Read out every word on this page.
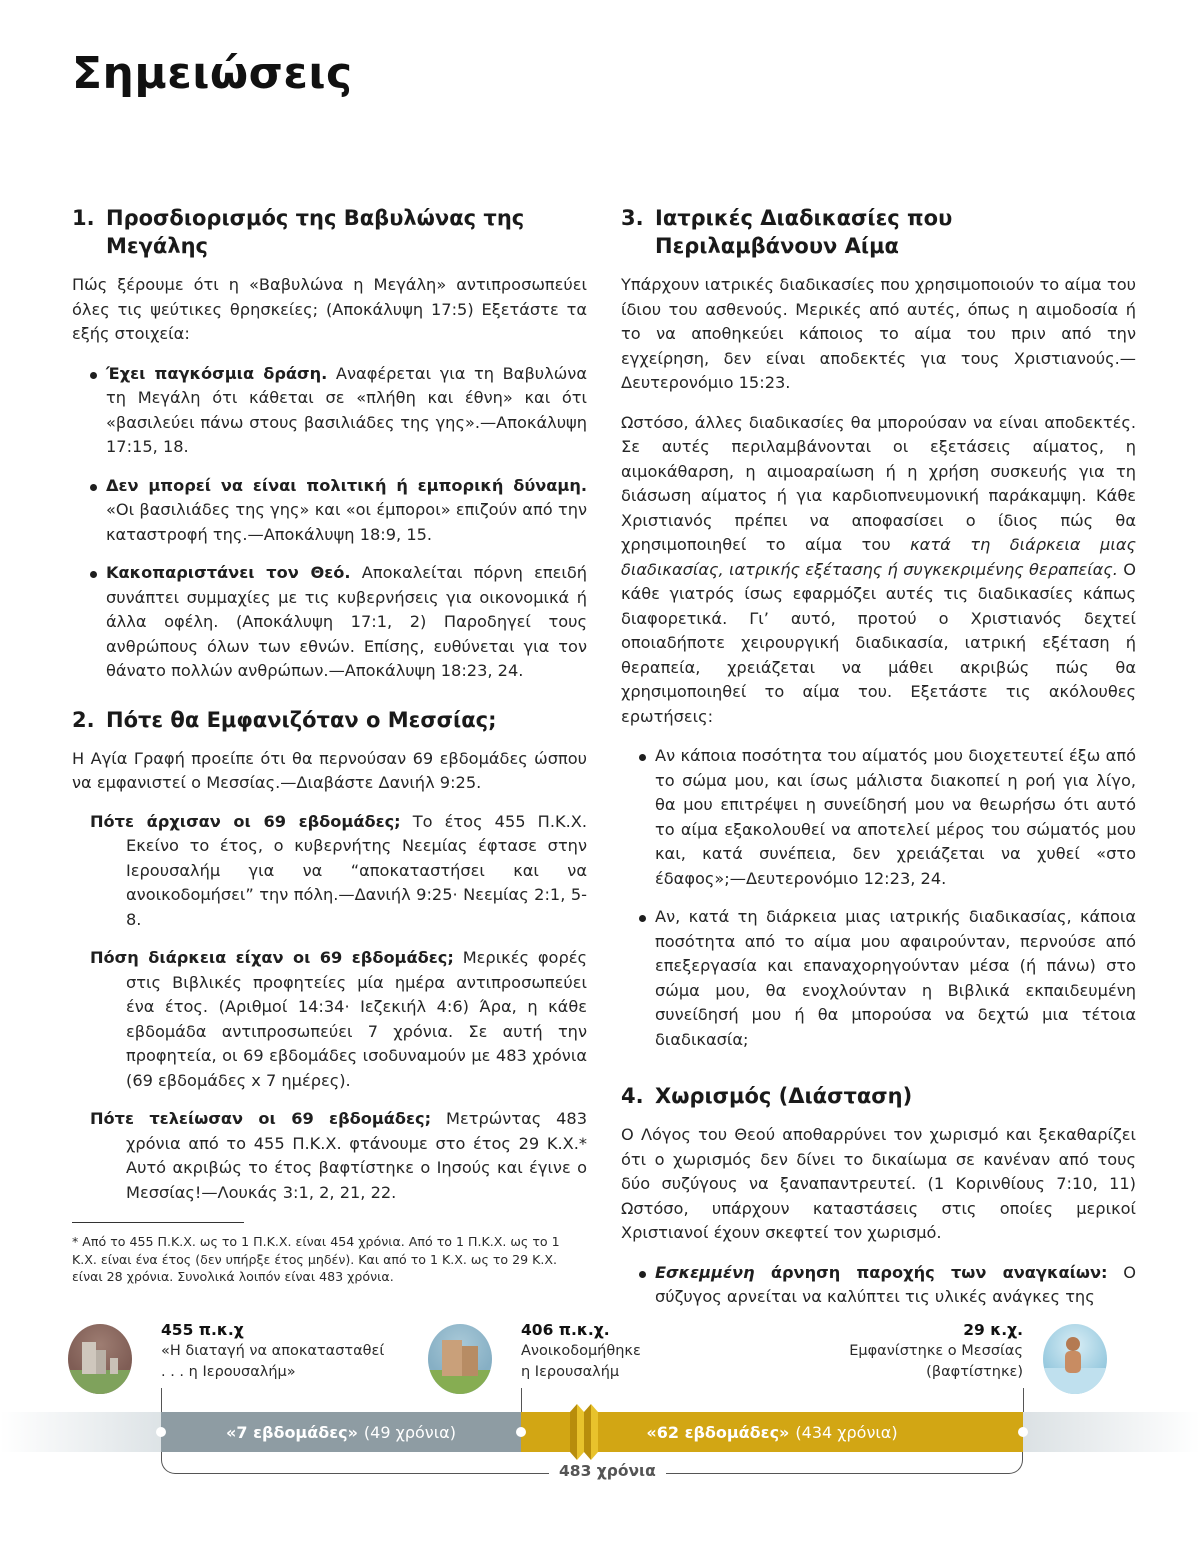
Σημειώσεις
1. Προσδιορισμός της Βαβυλώνας της Μεγάλης

Πώς ξέρουμε ότι η «Βαβυλώνα η Μεγάλη» αντιπροσωπεύει όλες τις ψεύτικες θρησκείες; (Αποκάλυψη 17:5) Εξετάστε τα εξής στοιχεία:

Έχει παγκόσμια δράση. Αναφέρεται για τη Βαβυλώνα τη Μεγάλη ότι κάθεται σε «πλήθη και έθνη» και ότι «βασιλεύει πάνω στους βασιλιάδες της γης».—Αποκάλυψη 17:15, 18.
Δεν μπορεί να είναι πολιτική ή εμπορική δύναμη. «Οι βασιλιάδες της γης» και «οι έμποροι» επιζούν από την καταστροφή της.—Αποκάλυψη 18:9, 15.
Κακοπαριστάνει τον Θεό. Αποκαλείται πόρνη επειδή συνάπτει συμμαχίες με τις κυβερνήσεις για οικονομικά ή άλλα οφέλη. (Αποκάλυψη 17:1, 2) Παροδηγεί τους ανθρώπους όλων των εθνών. Επίσης, ευθύνεται για τον θάνατο πολλών ανθρώπων.—Αποκάλυψη 18:23, 24.
2. Πότε θα Εμφανιζόταν ο Μεσσίας;

Η Αγία Γραφή προείπε ότι θα περνούσαν 69 εβδομάδες ώσπου να εμφανιστεί ο Μεσσίας.—Διαβάστε Δανιήλ 9:25.

Πότε άρχισαν οι 69 εβδομάδες; Το έτος 455 Π.Κ.Χ. Εκείνο το έτος, ο κυβερνήτης Νεεμίας έφτασε στην Ιερουσαλήμ για να “αποκαταστήσει και να ανοικοδομήσει” την πόλη.—Δανιήλ 9:25· Νεεμίας 2:1, 5-8.
Πόση διάρκεια είχαν οι 69 εβδομάδες; Μερικές φορές στις Βιβλικές προφητείες μία ημέρα αντιπροσωπεύει ένα έτος. (Αριθμοί 14:34· Ιεζεκιήλ 4:6) Άρα, η κάθε εβδομάδα αντιπροσωπεύει 7 χρόνια. Σε αυτή την προφητεία, οι 69 εβδομάδες ισοδυναμούν με 483 χρόνια (69 εβδομάδες x 7 ημέρες).
Πότε τελείωσαν οι 69 εβδομάδες; Μετρώντας 483 χρόνια από το 455 Π.Κ.Χ. φτάνουμε στο έτος 29 Κ.Χ.* Αυτό ακριβώς το έτος βαφτίστηκε ο Ιησούς και έγινε ο Μεσσίας!—Λουκάς 3:1, 2, 21, 22.

* Από το 455 Π.Κ.Χ. ως το 1 Π.Κ.Χ. είναι 454 χρόνια. Από το 1 Π.Κ.Χ. ως το 1 Κ.Χ. είναι ένα έτος (δεν υπήρξε έτος μηδέν). Και από το 1 Κ.Χ. ως το 29 Κ.Χ. είναι 28 χρόνια. Συνολικά λοιπόν είναι 483 χρόνια.

3. Ιατρικές Διαδικασίες που Περιλαμβάνουν Αίμα

Υπάρχουν ιατρικές διαδικασίες που χρησιμοποιούν το αίμα του ίδιου του ασθενούς. Μερικές από αυτές, όπως η αιμοδοσία ή το να αποθηκεύει κάποιος το αίμα του πριν από την εγχείρηση, δεν είναι αποδεκτές για τους Χριστιανούς.—Δευτερονόμιο 15:23.

Ωστόσο, άλλες διαδικασίες θα μπορούσαν να είναι αποδεκτές. Σε αυτές περιλαμβάνονται οι εξετάσεις αίματος, η αιμοκάθαρση, η αιμοαραίωση ή η χρήση συσκευής για τη διάσωση αίματος ή για καρδιοπνευμονική παράκαμψη. Κάθε Χριστιανός πρέπει να αποφασίσει ο ίδιος πώς θα χρησιμοποιηθεί το αίμα του κατά τη διάρκεια μιας διαδικασίας, ιατρικής εξέτασης ή συγκεκριμένης θεραπείας. Ο κάθε γιατρός ίσως εφαρμόζει αυτές τις διαδικασίες κάπως διαφορετικά. Γι’ αυτό, προτού ο Χριστιανός δεχτεί οποιαδήποτε χειρουργική διαδικασία, ιατρική εξέταση ή θεραπεία, χρειάζεται να μάθει ακριβώς πώς θα χρησιμοποιηθεί το αίμα του. Εξετάστε τις ακόλουθες ερωτήσεις:

Αν κάποια ποσότητα του αίματός μου διοχετευτεί έξω από το σώμα μου, και ίσως μάλιστα διακοπεί η ροή για λίγο, θα μου επιτρέψει η συνείδησή μου να θεωρήσω ότι αυτό το αίμα εξακολουθεί να αποτελεί μέρος του σώματός μου και, κατά συνέπεια, δεν χρειάζεται να χυθεί «στο έδαφος»;—Δευτερονόμιο 12:23, 24.
Αν, κατά τη διάρκεια μιας ιατρικής διαδικασίας, κάποια ποσότητα από το αίμα μου αφαιρούνταν, περνούσε από επεξεργασία και επαναχορηγούνταν μέσα (ή πάνω) στο σώμα μου, θα ενοχλούνταν η Βιβλικά εκπαιδευμένη συνείδησή μου ή θα μπορούσα να δεχτώ μια τέτοια διαδικασία;
4. Χωρισμός (Διάσταση)

Ο Λόγος του Θεού αποθαρρύνει τον χωρισμό και ξεκαθαρίζει ότι ο χωρισμός δεν δίνει το δικαίωμα σε κανέναν από τους δύο συζύγους να ξαναπαντρευτεί. (1 Κορινθίους 7:10, 11) Ωστόσο, υπάρχουν καταστάσεις στις οποίες μερικοί Χριστιανοί έχουν σκεφτεί τον χωρισμό.

Εσκεμμένη άρνηση παροχής των αναγκαίων: Ο σύζυγος αρνείται να καλύπτει τις υλικές ανάγκες της
455 π.κ.χ
«Η διαταγή να αποκατασταθεί
. . . η Ιερουσαλήμ»
406 π.κ.χ.
Ανοικοδομήθηκε
η Ιερουσαλήμ
29 κ.χ.
Εμφανίστηκε ο Μεσσίας
(βαφτίστηκε)
«7 εβδομάδες» (49 χρόνια)	«62 εβδομάδες» (434 χρόνια)
483 χρόνια
